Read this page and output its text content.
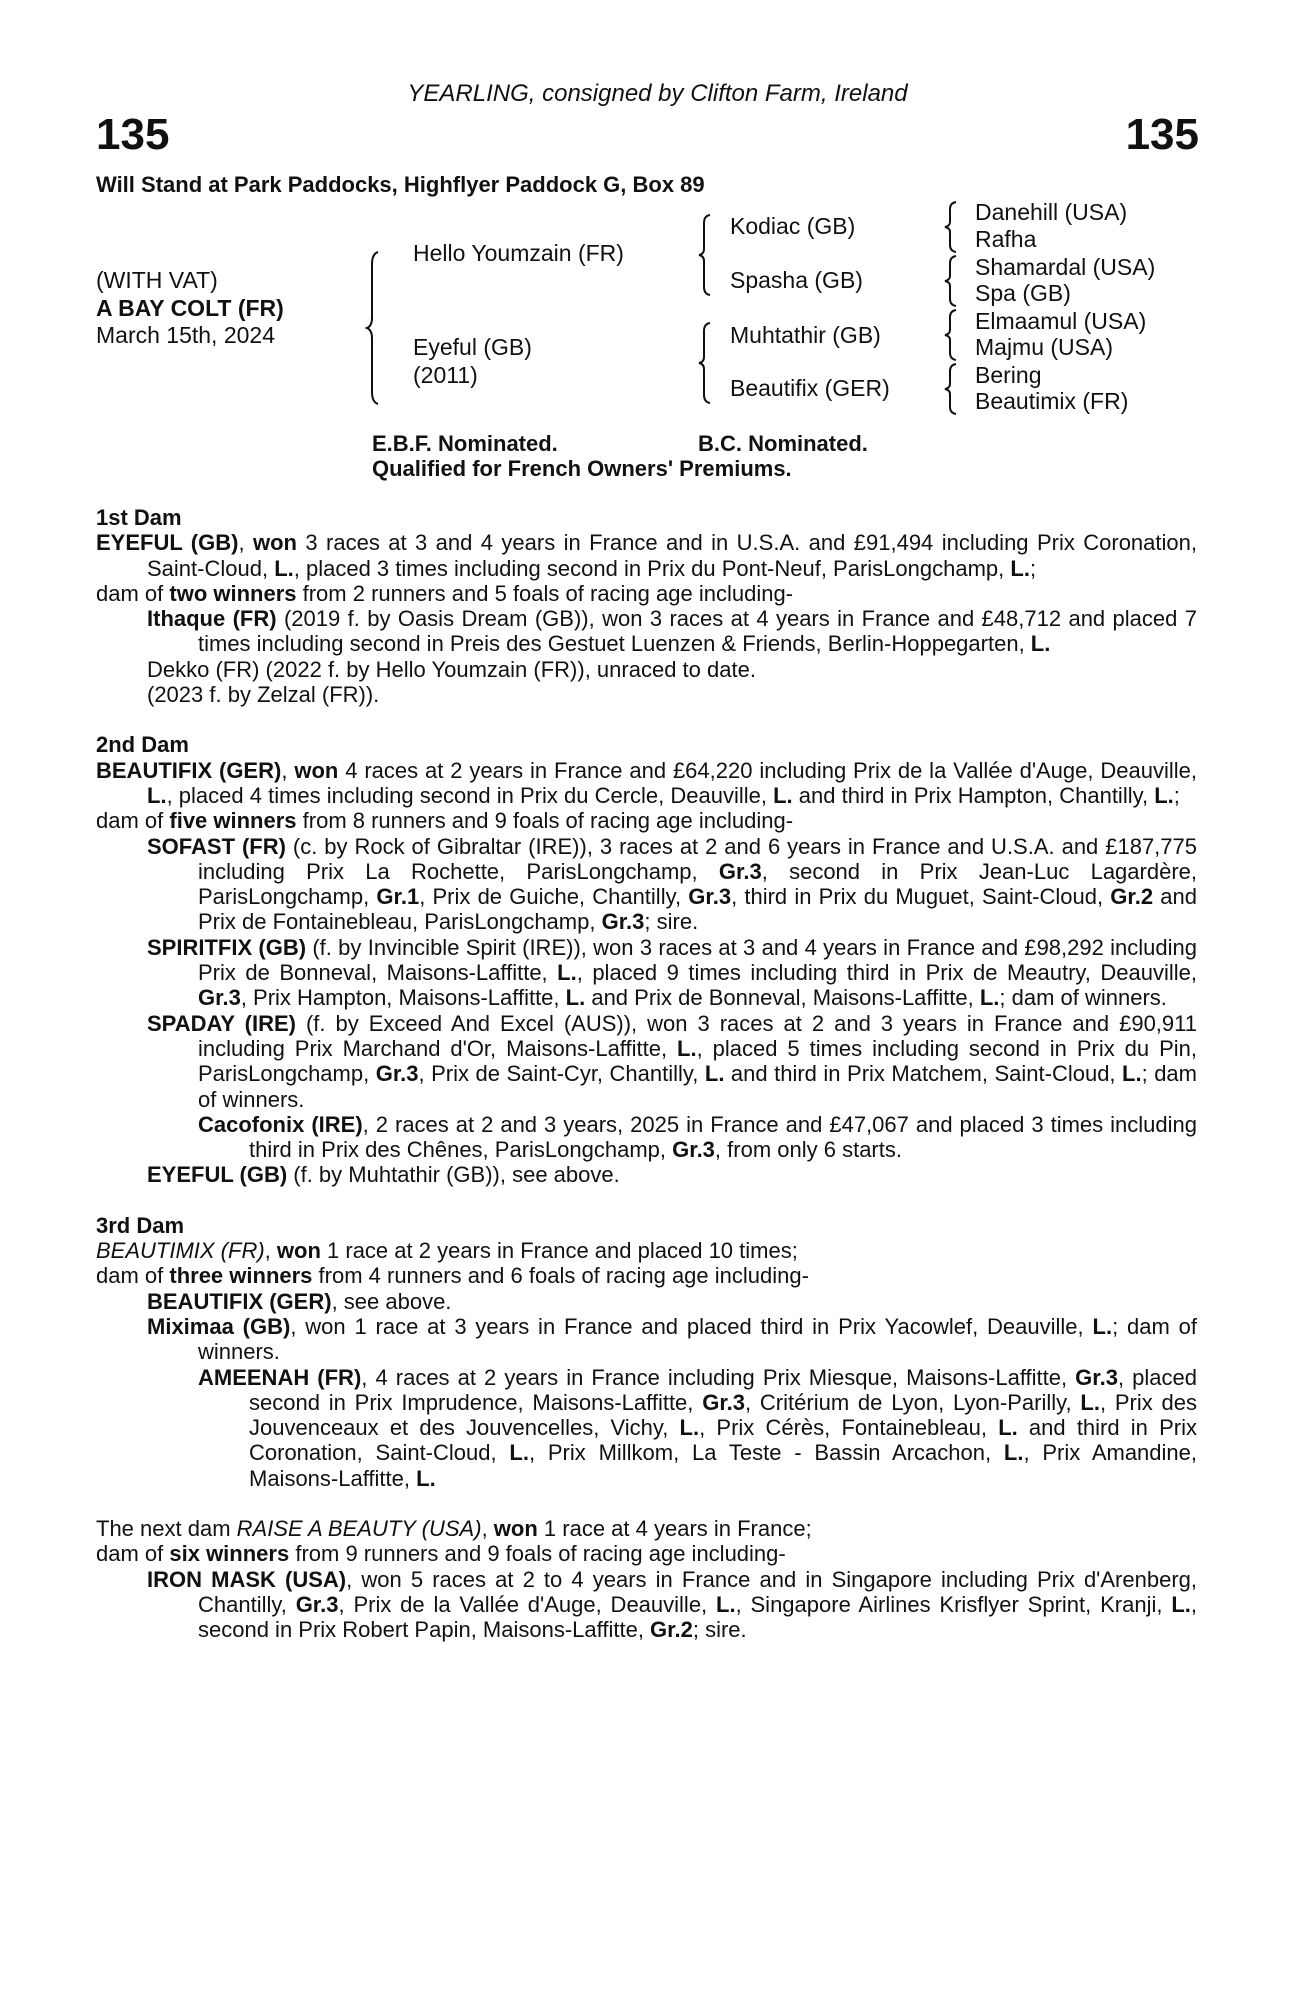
YEARLING, consigned by Clifton Farm, Ireland
135	135
Will Stand at Park Paddocks, Highflyer Paddock G, Box 89
(WITH VAT)
A BAY COLT (FR)
March 15th, 2024
Hello Youmzain (FR)
Eyeful (GB)
(2011)
Kodiac (GB)
Spasha (GB)
Muhtathir (GB)
Beautifix (GER)
Danehill (USA)
Rafha
Shamardal (USA)
Spa (GB)
Elmaamul (USA)
Majmu (USA)
Bering
Beautimix (FR)
E.B.F. Nominated.	B.C. Nominated.
Qualified for French Owners' Premiums.
1st Dam
EYEFUL (GB), won 3 races at 3 and 4 years in France and in U.S.A. and £91,494 including Prix Coronation, Saint-Cloud, L., placed 3 times including second in Prix du Pont-Neuf, ParisLongchamp, L.;
dam of two winners from 2 runners and 5 foals of racing age including-
Ithaque (FR) (2019 f. by Oasis Dream (GB)), won 3 races at 4 years in France and £48,712 and placed 7 times including second in Preis des Gestuet Luenzen & Friends, Berlin-Hoppegarten, L.
Dekko (FR) (2022 f. by Hello Youmzain (FR)), unraced to date.
(2023 f. by Zelzal (FR)).
2nd Dam
BEAUTIFIX (GER), won 4 races at 2 years in France and £64,220 including Prix de la Vallée d'Auge, Deauville, L., placed 4 times including second in Prix du Cercle, Deauville, L. and third in Prix Hampton, Chantilly, L.;
dam of five winners from 8 runners and 9 foals of racing age including-
SOFAST (FR) (c. by Rock of Gibraltar (IRE)), 3 races at 2 and 6 years in France and U.S.A. and £187,775 including Prix La Rochette, ParisLongchamp, Gr.3, second in Prix Jean-Luc Lagardère, ParisLongchamp, Gr.1, Prix de Guiche, Chantilly, Gr.3, third in Prix du Muguet, Saint-Cloud, Gr.2 and Prix de Fontainebleau, ParisLongchamp, Gr.3; sire.
SPIRITFIX (GB) (f. by Invincible Spirit (IRE)), won 3 races at 3 and 4 years in France and £98,292 including Prix de Bonneval, Maisons-Laffitte, L., placed 9 times including third in Prix de Meautry, Deauville, Gr.3, Prix Hampton, Maisons-Laffitte, L. and Prix de Bonneval, Maisons-Laffitte, L.; dam of winners.
SPADAY (IRE) (f. by Exceed And Excel (AUS)), won 3 races at 2 and 3 years in France and £90,911 including Prix Marchand d'Or, Maisons-Laffitte, L., placed 5 times including second in Prix du Pin, ParisLongchamp, Gr.3, Prix de Saint-Cyr, Chantilly, L. and third in Prix Matchem, Saint-Cloud, L.; dam of winners.
Cacofonix (IRE), 2 races at 2 and 3 years, 2025 in France and £47,067 and placed 3 times including third in Prix des Chênes, ParisLongchamp, Gr.3, from only 6 starts.
EYEFUL (GB) (f. by Muhtathir (GB)), see above.
3rd Dam
BEAUTIMIX (FR), won 1 race at 2 years in France and placed 10 times;
dam of three winners from 4 runners and 6 foals of racing age including-
BEAUTIFIX (GER), see above.
Miximaa (GB), won 1 race at 3 years in France and placed third in Prix Yacowlef, Deauville, L.; dam of winners.
AMEENAH (FR), 4 races at 2 years in France including Prix Miesque, Maisons-Laffitte, Gr.3, placed second in Prix Imprudence, Maisons-Laffitte, Gr.3, Critérium de Lyon, Lyon-Parilly, L., Prix des Jouvenceaux et des Jouvencelles, Vichy, L., Prix Cérès, Fontainebleau, L. and third in Prix Coronation, Saint-Cloud, L., Prix Millkom, La Teste - Bassin Arcachon, L., Prix Amandine, Maisons-Laffitte, L.
The next dam RAISE A BEAUTY (USA), won 1 race at 4 years in France;
dam of six winners from 9 runners and 9 foals of racing age including-
IRON MASK (USA), won 5 races at 2 to 4 years in France and in Singapore including Prix d'Arenberg, Chantilly, Gr.3, Prix de la Vallée d'Auge, Deauville, L., Singapore Airlines Krisflyer Sprint, Kranji, L., second in Prix Robert Papin, Maisons-Laffitte, Gr.2; sire.
